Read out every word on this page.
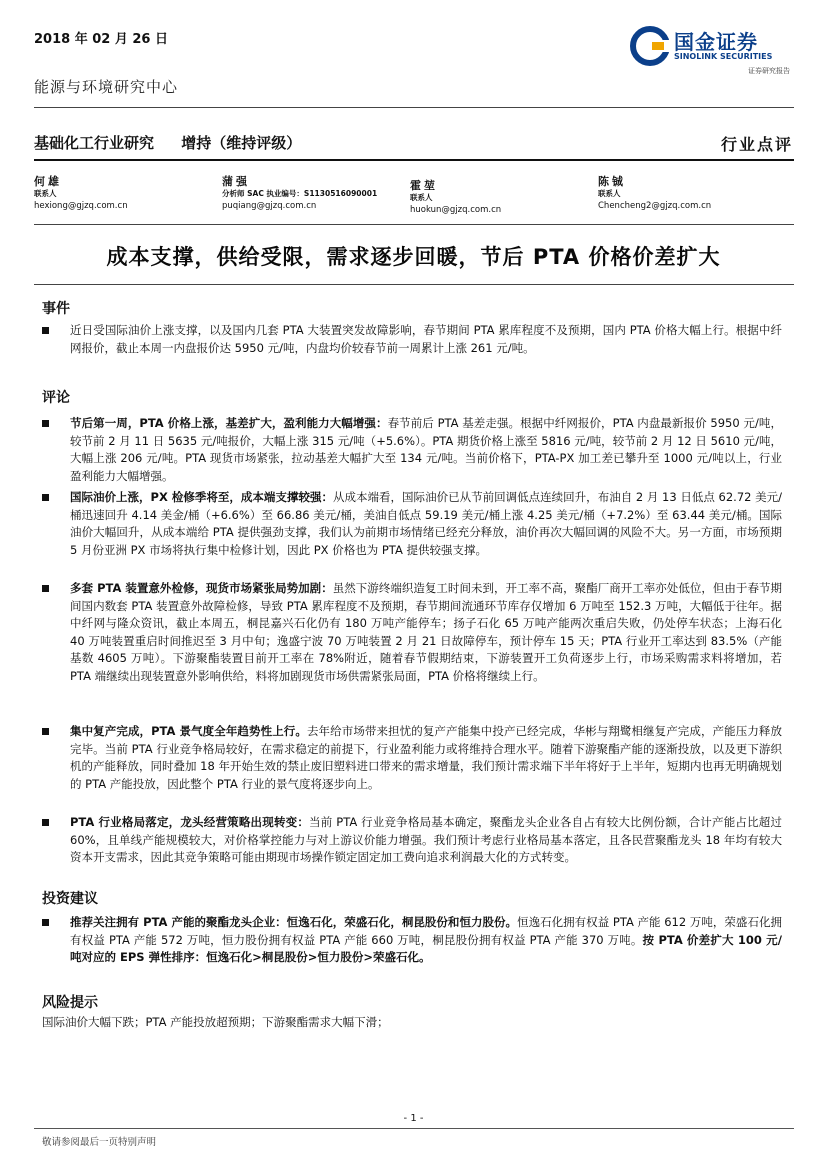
2018 年 02 月 26 日	国金证券
SINOLINK SECURITIES
证券研究报告
能源与环境研究中心
基础化工行业研究 增持（维持评级）	行业点评
何雄
联系人
hexiong@gjzq.com.cn
蒲强
分析师 SAC 执业编号：S1130516090001
puqiang@gjzq.com.cn
霍堃
联系人
huokun@gjzq.com.cn
陈铖
联系人
Chencheng2@gjzq.com.cn
成本支撑，供给受限，需求逐步回暖，节后 PTA 价格价差扩大
事件
近日受国际油价上涨支撑，以及国内几套 PTA 大装置突发故障影响，春节期间 PTA 累库程度不及预期，国内 PTA 价格大幅上行。根据中纤网报价，截止本周一内盘报价达 5950 元/吨，内盘均价较春节前一周累计上涨 261 元/吨。
评论
节后第一周，PTA 价格上涨，基差扩大，盈利能力大幅增强：春节前后 PTA 基差走强。根据中纤网报价，PTA 内盘最新报价 5950 元/吨，较节前 2 月 11 日 5635 元/吨报价，大幅上涨 315 元/吨（+5.6%）。PTA 期货价格上涨至 5816 元/吨，较节前 2 月 12 日 5610 元/吨，大幅上涨 206 元/吨。PTA 现货市场紧张，拉动基差大幅扩大至 134 元/吨。当前价格下，PTA-PX 加工差已攀升至 1000 元/吨以上，行业盈利能力大幅增强。
国际油价上涨，PX 检修季将至，成本端支撑较强：从成本端看，国际油价已从节前回调低点连续回升，布油自 2 月 13 日低点 62.72 美元/桶迅速回升 4.14 美金/桶（+6.6%）至 66.86 美元/桶，美油自低点 59.19 美元/桶上涨 4.25 美元/桶（+7.2%）至 63.44 美元/桶。国际油价大幅回升，从成本端给 PTA 提供强劲支撑，我们认为前期市场情绪已经充分释放，油价再次大幅回调的风险不大。另一方面，市场预期 5 月份亚洲 PX 市场将执行集中检修计划，因此 PX 价格也为 PTA 提供较强支撑。
多套 PTA 装置意外检修，现货市场紧张局势加剧：虽然下游终端织造复工时间未到，开工率不高，聚酯厂商开工率亦处低位，但由于春节期间国内数套 PTA 装置意外故障检修，导致 PTA 累库程度不及预期，春节期间流通环节库存仅增加 6 万吨至 152.3 万吨，大幅低于往年。据中纤网与隆众资讯，截止本周五，桐昆嘉兴石化仍有 180 万吨产能停车；扬子石化 65 万吨产能两次重启失败，仍处停车状态；上海石化 40 万吨装置重启时间推迟至 3 月中旬；逸盛宁波 70 万吨装置 2 月 21 日故障停车，预计停车 15 天；PTA 行业开工率达到 83.5%（产能基数 4605 万吨）。下游聚酯装置目前开工率在 78%附近，随着春节假期结束，下游装置开工负荷逐步上行，市场采购需求料将增加，若 PTA 端继续出现装置意外影响供给，料将加剧现货市场供需紧张局面，PTA 价格将继续上行。
集中复产完成，PTA 景气度全年趋势性上行。去年给市场带来担忧的复产产能集中投产已经完成，华彬与翔鹭相继复产完成，产能压力释放完毕。当前 PTA 行业竞争格局较好，在需求稳定的前提下，行业盈利能力或将维持合理水平。随着下游聚酯产能的逐渐投放，以及更下游织机的产能释放，同时叠加 18 年开始生效的禁止废旧塑料进口带来的需求增量，我们预计需求端下半年将好于上半年，短期内也再无明确规划的 PTA 产能投放，因此整个 PTA 行业的景气度将逐步向上。
PTA 行业格局落定，龙头经营策略出现转变：当前 PTA 行业竞争格局基本确定，聚酯龙头企业各自占有较大比例份额，合计产能占比超过 60%，且单线产能规模较大，对价格掌控能力与对上游议价能力增强。我们预计考虑行业格局基本落定，且各民营聚酯龙头 18 年均有较大资本开支需求，因此其竞争策略可能由期现市场操作锁定固定加工费向追求利润最大化的方式转变。
投资建议
推荐关注拥有 PTA 产能的聚酯龙头企业：恒逸石化，荣盛石化，桐昆股份和恒力股份。恒逸石化拥有权益 PTA 产能 612 万吨，荣盛石化拥有权益 PTA 产能 572 万吨，恒力股份拥有权益 PTA 产能 660 万吨，桐昆股份拥有权益 PTA 产能 370 万吨。按 PTA 价差扩大 100 元/吨对应的 EPS 弹性排序：恒逸石化>桐昆股份>恒力股份>荣盛石化。
风险提示
国际油价大幅下跌；PTA 产能投放超预期；下游聚酯需求大幅下滑；
- 1 -
敬请参阅最后一页特别声明
